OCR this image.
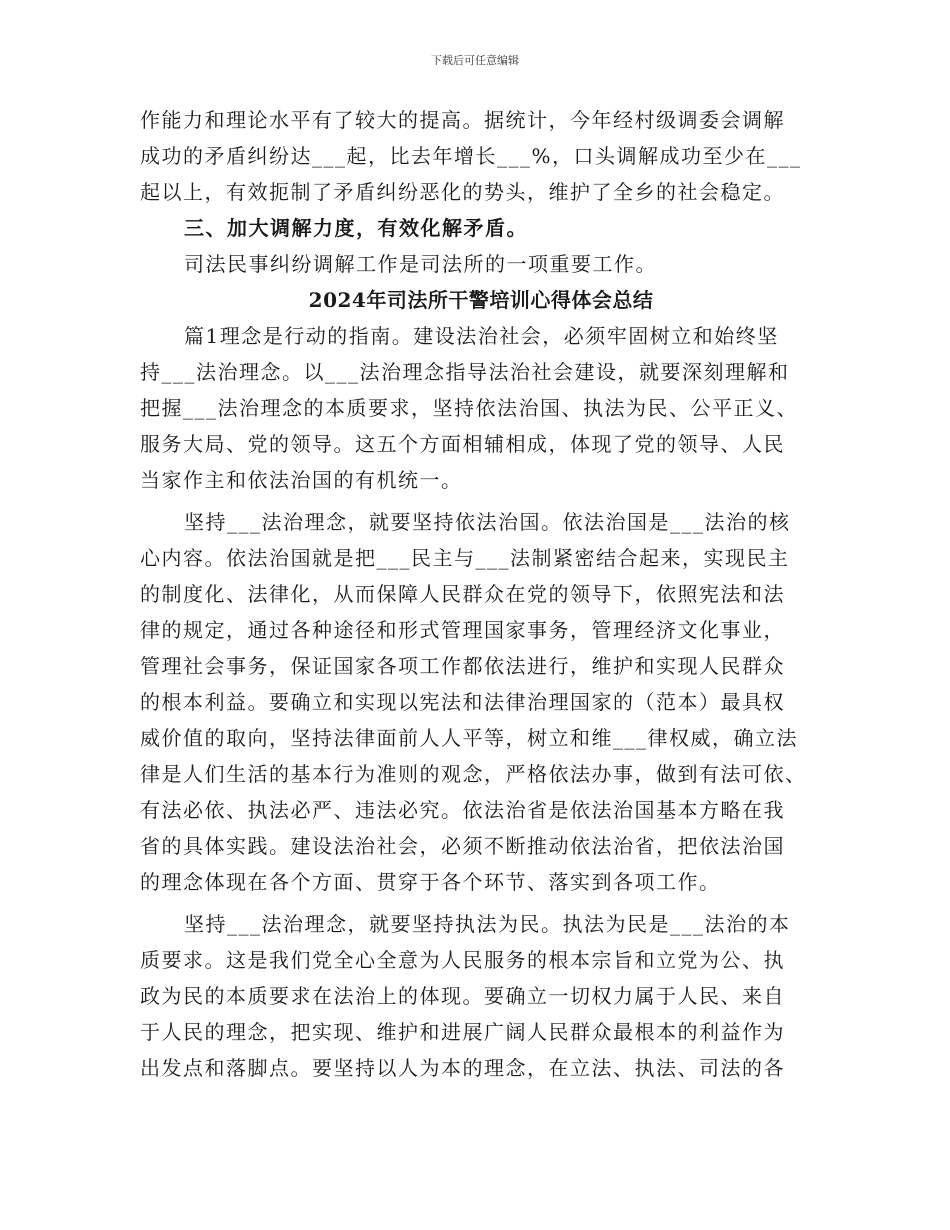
下载后可任意编辑
作能力和理论水平有了较大的提高。据统计，今年经村级调委会调解
成功的矛盾纠纷达___起，比去年增长___%，口头调解成功至少在___
起以上，有效扼制了矛盾纠纷恶化的势头，维护了全乡的社会稳定。
三、加大调解力度，有效化解矛盾。
司法民事纠纷调解工作是司法所的一项重要工作。
2024年司法所干警培训心得体会总结
篇1理念是行动的指南。建设法治社会，必须牢固树立和始终坚
持___法治理念。以___法治理念指导法治社会建设，就要深刻理解和
把握___法治理念的本质要求，坚持依法治国、执法为民、公平正义、
服务大局、党的领导。这五个方面相辅相成，体现了党的领导、人民
当家作主和依法治国的有机统一。
坚持___法治理念，就要坚持依法治国。依法治国是___法治的核
心内容。依法治国就是把___民主与___法制紧密结合起来，实现民主
的制度化、法律化，从而保障人民群众在党的领导下，依照宪法和法
律的规定，通过各种途径和形式管理国家事务，管理经济文化事业，
管理社会事务，保证国家各项工作都依法进行，维护和实现人民群众
的根本利益。要确立和实现以宪法和法律治理国家的（范本）最具权
威价值的取向，坚持法律面前人人平等，树立和维___律权威，确立法
律是人们生活的基本行为准则的观念，严格依法办事，做到有法可依、
有法必依、执法必严、违法必究。依法治省是依法治国基本方略在我
省的具体实践。建设法治社会，必须不断推动依法治省，把依法治国
的理念体现在各个方面、贯穿于各个环节、落实到各项工作。
坚持___法治理念，就要坚持执法为民。执法为民是___法治的本
质要求。这是我们党全心全意为人民服务的根本宗旨和立党为公、执
政为民的本质要求在法治上的体现。要确立一切权力属于人民、来自
于人民的理念，把实现、维护和进展广阔人民群众最根本的利益作为
出发点和落脚点。要坚持以人为本的理念，在立法、执法、司法的各
